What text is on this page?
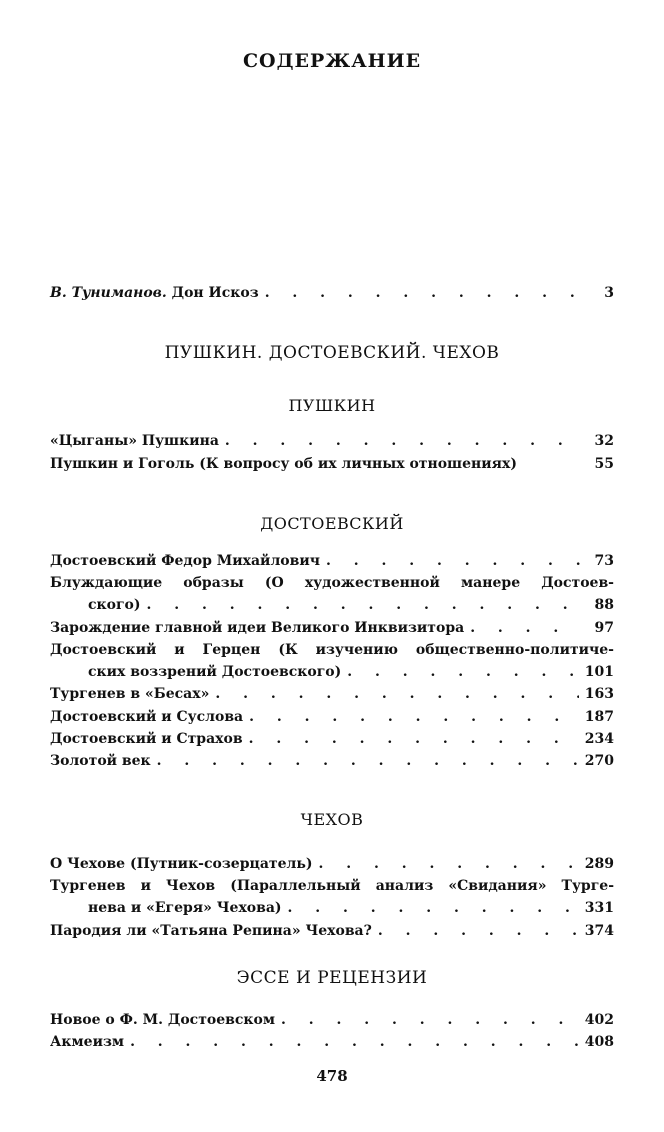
СОДЕРЖАНИЕ
В. Туниманов. Дон Искоз . . .	3
ПУШКИН. ДОСТОЕВСКИЙ. ЧЕХОВ
ПУШКИН
«Цыганы» Пушкина . . .	32
Пушкин и Гоголь (К вопросу об их личных отношениях)	55
ДОСТОЕВСКИЙ
Достоевский Федор Михайлович . . .	73
Блуждающие образы (О художественной манере Достоев-
ского) . . .	88
Зарождение главной идеи Великого Инквизитора . . .	97
Достоевский и Герцен (К изучению общественно-политиче-
ских воззрений Достоевского) . . .	101
Тургенев в «Бесах» . . .	163
Достоевский и Суслова . . .	187
Достоевский и Страхов . . .	234
Золотой век . . .	270
ЧЕХОВ
О Чехове (Путник-созерцатель) . . .	289
Тургенев и Чехов (Параллельный анализ «Свидания» Турге-
нева и «Егеря» Чехова) . . .	331
Пародия ли «Татьяна Репина» Чехова? . . .	374
ЭССЕ И РЕЦЕНЗИИ
Новое о Ф. М. Достоевском . . .	402
Акмеизм . . .	408
478
